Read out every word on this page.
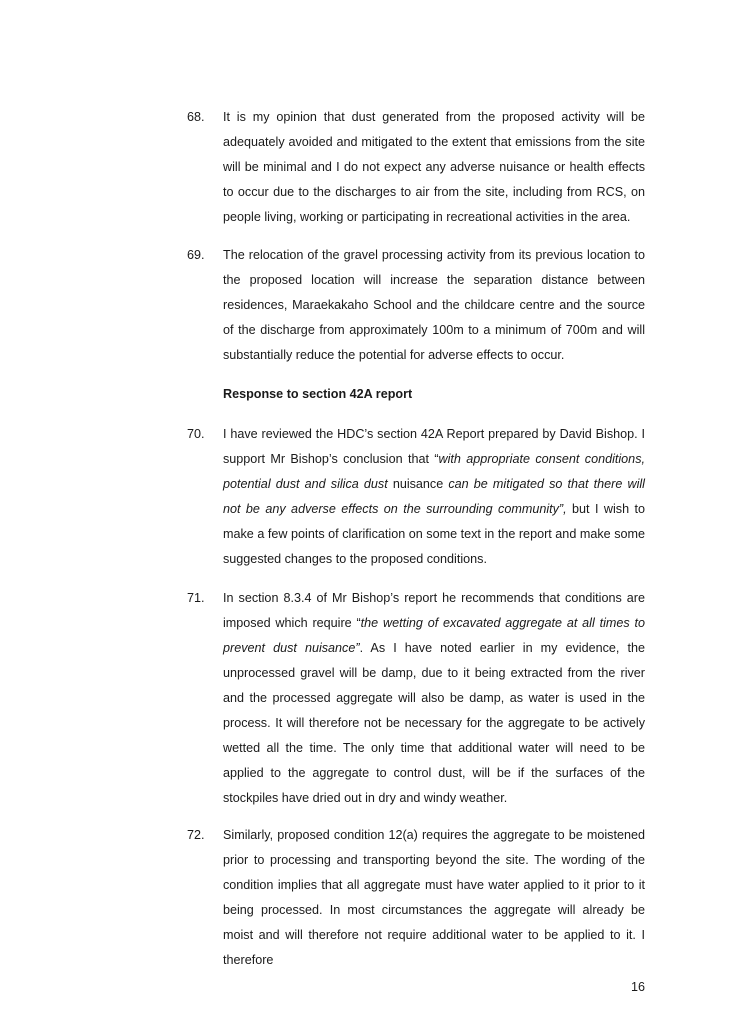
68.	It is my opinion that dust generated from the proposed activity will be adequately avoided and mitigated to the extent that emissions from the site will be minimal and I do not expect any adverse nuisance or health effects to occur due to the discharges to air from the site, including from RCS, on people living, working or participating in recreational activities in the area.
69.	The relocation of the gravel processing activity from its previous location to the proposed location will increase the separation distance between residences, Maraekakaho School and the childcare centre and the source of the discharge from approximately 100m to a minimum of 700m and will substantially reduce the potential for adverse effects to occur.
Response to section 42A report
70.	I have reviewed the HDC’s section 42A Report prepared by David Bishop. I support Mr Bishop’s conclusion that “with appropriate consent conditions, potential dust and silica dust nuisance can be mitigated so that there will not be any adverse effects on the surrounding community”, but I wish to make a few points of clarification on some text in the report and make some suggested changes to the proposed conditions.
71.	In section 8.3.4 of Mr Bishop’s report he recommends that conditions are imposed which require “the wetting of excavated aggregate at all times to prevent dust nuisance”. As I have noted earlier in my evidence, the unprocessed gravel will be damp, due to it being extracted from the river and the processed aggregate will also be damp, as water is used in the process. It will therefore not be necessary for the aggregate to be actively wetted all the time. The only time that additional water will need to be applied to the aggregate to control dust, will be if the surfaces of the stockpiles have dried out in dry and windy weather.
72.	Similarly, proposed condition 12(a) requires the aggregate to be moistened prior to processing and transporting beyond the site. The wording of the condition implies that all aggregate must have water applied to it prior to it being processed. In most circumstances the aggregate will already be moist and will therefore not require additional water to be applied to it. I therefore
16
